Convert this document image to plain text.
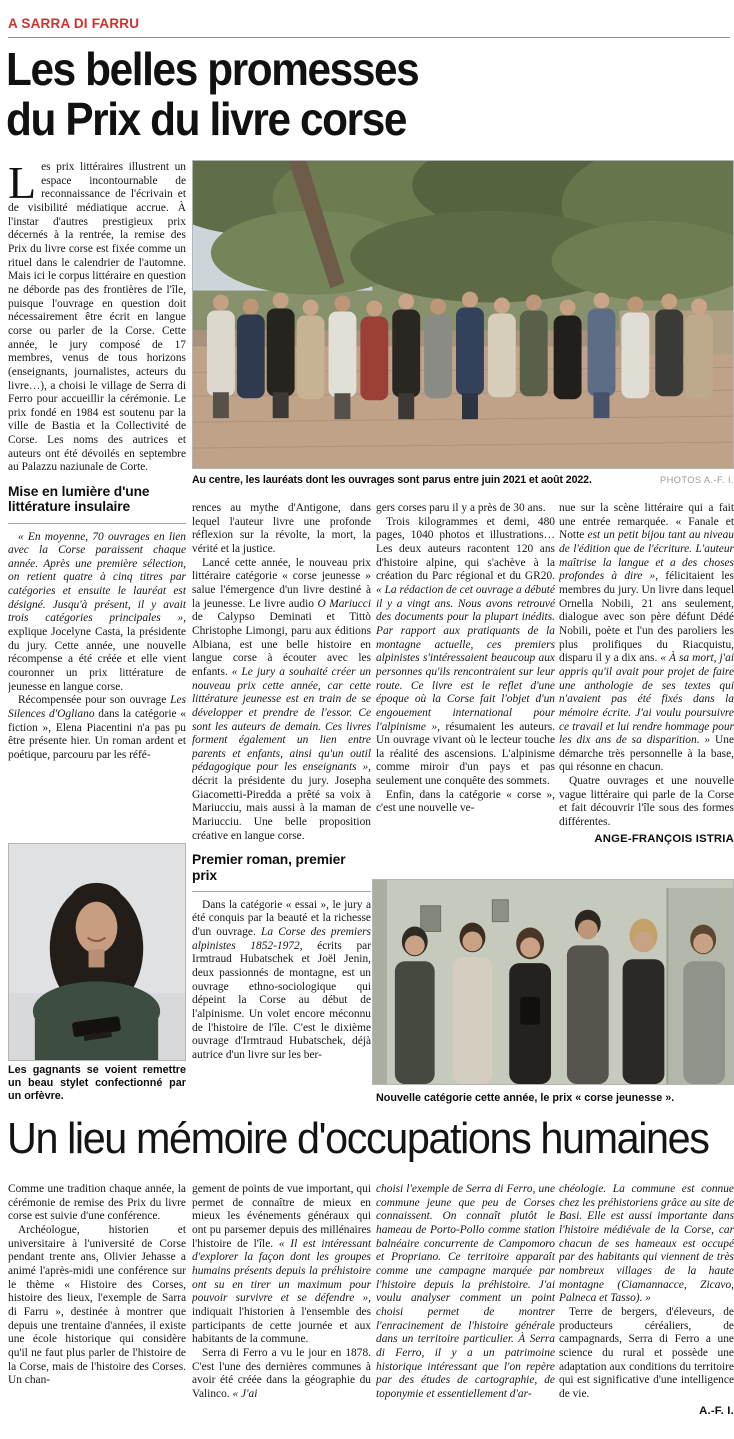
A SARRA DI FARRU
Les belles promesses
du Prix du livre corse
Au centre, les lauréats dont les ouvrages sont parus entre juin 2021 et août 2022.	PHOTOS A.-F. I.

Les prix littéraires illustrent un espace incontournable de reconnaissance de l'écrivain et de visibilité médiatique accrue. À l'instar d'autres prestigieux prix décernés à la rentrée, la remise des Prix du livre corse est fixée comme un rituel dans le calendrier de l'automne. Mais ici le corpus littéraire en question ne déborde pas des frontières de l'île, puisque l'ouvrage en question doit nécessairement être écrit en langue corse ou parler de la Corse. Cette année, le jury composé de 17 membres, venus de tous horizons (enseignants, journalistes, acteurs du livre…), a choisi le village de Serra di Ferro pour accueillir la cérémonie. Le prix fondé en 1984 est soutenu par la ville de Bastia et la Collectivité de Corse. Les noms des autrices et auteurs ont été dévoilés en septembre au Palazzu naziunale de Corte.

Mise en lumière d'une littérature insulaire

« En moyenne, 70 ouvrages en lien avec la Corse paraissent chaque année. Après une première sélection, on retient quatre à cinq titres par catégories et ensuite le lauréat est désigné. Jusqu'à présent, il y avait trois catégories principales », explique Jocelyne Casta, la présidente du jury. Cette année, une nouvelle récompense a été créée et elle vient couronner un prix littérature de jeunesse en langue corse.

Récompensée pour son ouvrage Les Silences d'Ogliano dans la catégorie « fiction », Elena Piacentini n'a pas pu être présente hier. Un roman ardent et poétique, parcouru par les réfé-

Les gagnants se voient remettre un beau stylet confectionné par un orfèvre.

rences au mythe d'Antigone, dans lequel l'auteur livre une profonde réflexion sur la révolte, la mort, la vérité et la justice.

Lancé cette année, le nouveau prix littéraire catégorie « corse jeunesse » salue l'émergence d'un livre destiné à la jeunesse. Le livre audio O Mariucci de Calypso Deminati et Tittò Christophe Limongi, paru aux éditions Albiana, est une belle histoire en langue corse à écouter avec les enfants. « Le jury a souhaité créer un nouveau prix cette année, car cette littérature jeunesse est en train de se développer et prendre de l'essor. Ce sont les auteurs de demain. Ces livres forment également un lien entre parents et enfants, ainsi qu'un outil pédagogique pour les enseignants », décrit la présidente du jury. Josepha Giacometti-Piredda a prêté sa voix à Mariucciu, mais aussi à la maman de Mariucciu. Une belle proposition créative en langue corse.

Premier roman, premier prix

Dans la catégorie « essai », le jury a été conquis par la beauté et la richesse d'un ouvrage. La Corse des premiers alpinistes 1852-1972, écrits par Irmtraud Hubatschek et Joël Jenin, deux passionnés de montagne, est un ouvrage ethno-sociologique qui dépeint la Corse au début de l'alpinisme. Un volet encore méconnu de l'histoire de l'île. C'est le dixième ouvrage d'Irmtraud Hubatschek, déjà autrice d'un livre sur les ber-

gers corses paru il y a près de 30 ans.

Trois kilogrammes et demi, 480 pages, 1040 photos et illustrations… Les deux auteurs racontent 120 ans d'histoire alpine, qui s'achève à la création du Parc régional et du GR20. « La rédaction de cet ouvrage a débuté il y a vingt ans. Nous avons retrouvé des documents pour la plupart inédits. Par rapport aux pratiquants de la montagne actuelle, ces premiers alpinistes s'intéressaient beaucoup aux personnes qu'ils rencontraient sur leur route. Ce livre est le reflet d'une époque où la Corse fait l'objet d'un engouement international pour l'alpinisme », résumaient les auteurs. Un ouvrage vivant où le lecteur touche la réalité des ascensions. L'alpinisme comme miroir d'un pays et pas seulement une conquête des sommets.

Enfin, dans la catégorie « corse », c'est une nouvelle ve-

nue sur la scène littéraire qui a fait une entrée remarquée. « Fanale et Notte est un petit bijou tant au niveau de l'édition que de l'écriture. L'auteur maîtrise la langue et a des choses profondes à dire », félicitaient les membres du jury. Un livre dans lequel Ornella Nobili, 21 ans seulement, dialogue avec son père défunt Dédé Nobili, poète et l'un des paroliers les plus prolifiques du Riacquistu, disparu il y a dix ans. « À sa mort, j'ai appris qu'il avait pour projet de faire une anthologie de ses textes qui n'avaient pas été fixés dans la mémoire écrite. J'ai voulu poursuivre ce travail et lui rendre hommage pour les dix ans de sa disparition. » Une démarche très personnelle à la base, qui résonne en chacun.

Quatre ouvrages et une nouvelle vague littéraire qui parle de la Corse et fait découvrir l'île sous des formes différentes.

ANGE-FRANÇOIS ISTRIA
Nouvelle catégorie cette année, le prix « corse jeunesse ».
Un lieu mémoire d'occupations humaines

Comme une tradition chaque année, la cérémonie de remise des Prix du livre corse est suivie d'une conférence.

Archéologue, historien et universitaire à l'université de Corse pendant trente ans, Olivier Jehasse a animé l'après-midi une conférence sur le thème « Histoire des Corses, histoire des lieux, l'exemple de Sarra di Farru », destinée à montrer que depuis une trentaine d'années, il existe une école historique qui considère qu'il ne faut plus parler de l'histoire de la Corse, mais de l'histoire des Corses. Un chan-

gement de points de vue important, qui permet de connaître de mieux en mieux les événements généraux qui ont pu parsemer depuis des millénaires l'histoire de l'île. « Il est intéressant d'explorer la façon dont les groupes humains présents depuis la préhistoire ont su en tirer un maximum pour pouvoir survivre et se défendre », indiquait l'historien à l'ensemble des participants de cette journée et aux habitants de la commune.

Serra di Ferro a vu le jour en 1878. C'est l'une des dernières communes à avoir été créée dans la géographie du Valinco. « J'ai

choisi l'exemple de Serra di Ferro, une commune jeune que peu de Corses connaissent. On connaît plutôt le hameau de Porto-Pollo comme station balnéaire concurrente de Campomoro et Propriano. Ce territoire apparaît comme une campagne marquée par l'histoire depuis la préhistoire. J'ai voulu analyser comment un point choisi permet de montrer l'enracinement de l'histoire générale dans un territoire particulier. À Serra di Ferro, il y a un patrimoine historique intéressant que l'on repère par des études de cartographie, de toponymie et essentiellement d'ar-

chéologie. La commune est connue chez les préhistoriens grâce au site de Basi. Elle est aussi importante dans l'histoire médiévale de la Corse, car chacun de ses hameaux est occupé par des habitants qui viennent de très nombreux villages de la haute montagne (Ciamannacce, Zicavo, Palneca et Tasso). »

Terre de bergers, d'éleveurs, de producteurs céréaliers, de campagnards, Serra di Ferro a une science du rural et possède une adaptation aux conditions du territoire qui est significative d'une intelligence de vie.

A.-F. I.
